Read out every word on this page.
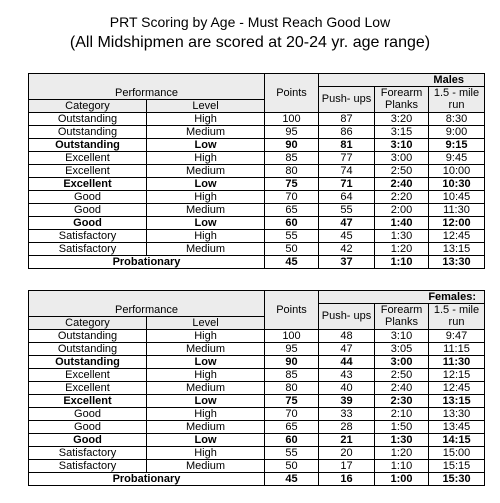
PRT Scoring by Age - Must Reach Good Low
(All Midshipmen are scored at 20-24 yr. age range)
		Points	Males		
Performance			Push- ups	Forearm	1.5 - mile
Category	Level			Planks	run
Outstanding	High	100	87	3:20	8:30
Outstanding	Medium	95	86	3:15	9:00
Outstanding	Low	90	81	3:10	9:15
Excellent	High	85	77	3:00	9:45
Excellent	Medium	80	74	2:50	10:00
Excellent	Low	75	71	2:40	10:30
Good	High	70	64	2:20	10:45
Good	Medium	65	55	2:00	11:30
Good	Low	60	47	1:40	12:00
Satisfactory	High	55	45	1:30	12:45
Satisfactory	Medium	50	42	1:20	13:15
Probationary		45	37	1:10	13:30
		Points	Females:		
Performance			Push- ups	Forearm	1.5 - mile
Category	Level			Planks	run
Outstanding	High	100	48	3:10	9:47
Outstanding	Medium	95	47	3:05	11:15
Outstanding	Low	90	44	3:00	11:30
Excellent	High	85	43	2:50	12:15
Excellent	Medium	80	40	2:40	12:45
Excellent	Low	75	39	2:30	13:15
Good	High	70	33	2:10	13:30
Good	Medium	65	28	1:50	13:45
Good	Low	60	21	1:30	14:15
Satisfactory	High	55	20	1:20	15:00
Satisfactory	Medium	50	17	1:10	15:15
Probationary		45	16	1:00	15:30
